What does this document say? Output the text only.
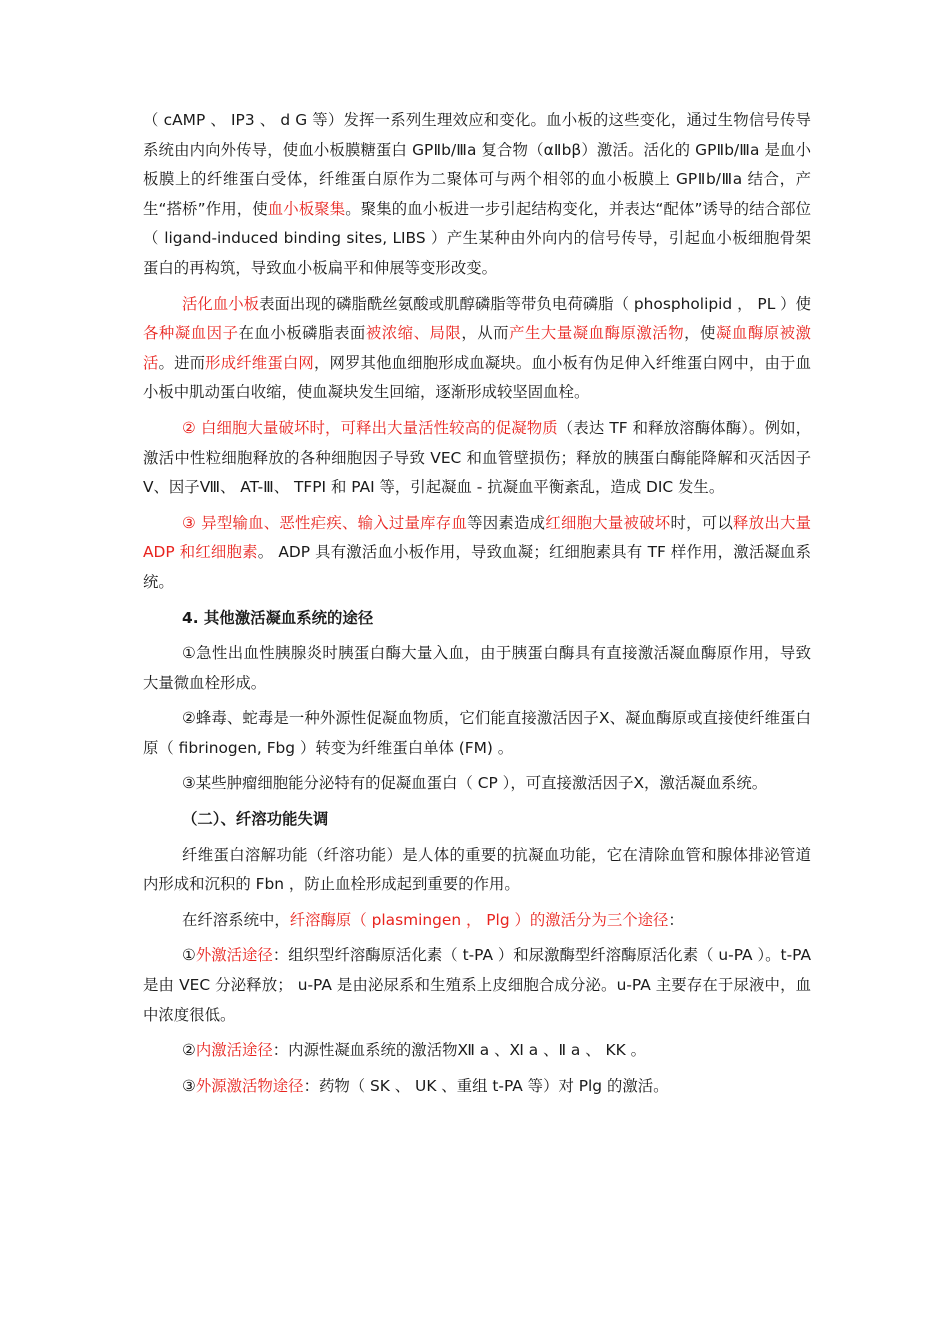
（ cAMP 、 IP3 、 d G 等）发挥一系列生理效应和变化。血小板的这些变化，通过生物信号传导系统由内向外传导，使血小板膜糖蛋白 GPⅡb/Ⅲa 复合物（αⅡbβ）激活。活化的 GPⅡb/Ⅲa 是血小板膜上的纤维蛋白受体，纤维蛋白原作为二聚体可与两个相邻的血小板膜上 GPⅡb/Ⅲa 结合，产生“搭桥”作用，使血小板聚集。聚集的血小板进一步引起结构变化，并表达“配体”诱导的结合部位（ ligand-induced binding sites, LIBS ）产生某种由外向内的信号传导，引起血小板细胞骨架蛋白的再构筑，导致血小板扁平和伸展等变形改变。

活化血小板表面出现的磷脂酰丝氨酸或肌醇磷脂等带负电荷磷脂（ phospholipid ， PL ）使各种凝血因子在血小板磷脂表面被浓缩、局限，从而产生大量凝血酶原激活物，使凝血酶原被激活。进而形成纤维蛋白网，网罗其他血细胞形成血凝块。血小板有伪足伸入纤维蛋白网中，由于血小板中肌动蛋白收缩，使血凝块发生回缩，逐渐形成较坚固血栓。

② 白细胞大量破坏时，可释出大量活性较高的促凝物质（表达 TF 和释放溶酶体酶）。例如，激活中性粒细胞释放的各种细胞因子导致 VEC 和血管壁损伤；释放的胰蛋白酶能降解和灭活因子Ⅴ、因子Ⅷ、 AT-Ⅲ、 TFPI 和 PAI 等，引起凝血 - 抗凝血平衡紊乱，造成 DIC 发生。

③ 异型输血、恶性疟疾、输入过量库存血等因素造成红细胞大量被破坏时，可以释放出大量 ADP 和红细胞素。 ADP 具有激活血小板作用，导致血凝；红细胞素具有 TF 样作用，激活凝血系统。

4. 其他激活凝血系统的途径

①急性出血性胰腺炎时胰蛋白酶大量入血，由于胰蛋白酶具有直接激活凝血酶原作用，导致大量微血栓形成。

②蜂毒、蛇毒是一种外源性促凝血物质，它们能直接激活因子Ⅹ、凝血酶原或直接使纤维蛋白原（ fibrinogen, Fbg ）转变为纤维蛋白单体 (FM) 。

③某些肿瘤细胞能分泌特有的促凝血蛋白（ CP ），可直接激活因子Ⅹ，激活凝血系统。

（二）、纤溶功能失调

纤维蛋白溶解功能（纤溶功能）是人体的重要的抗凝血功能，它在清除血管和腺体排泌管道内形成和沉积的 Fbn ，防止血栓形成起到重要的作用。

在纤溶系统中，纤溶酶原（ plasmingen ， Plg ）的激活分为三个途径：

①外激活途径：组织型纤溶酶原活化素（ t-PA ）和尿激酶型纤溶酶原活化素（ u-PA ）。t-PA 是由 VEC 分泌释放； u-PA 是由泌尿系和生殖系上皮细胞合成分泌。u-PA 主要存在于尿液中，血中浓度很低。

②内激活途径：内源性凝血系统的激活物Ⅻ a 、Ⅺ a 、Ⅱ a 、 KK 。

③外源激活物途径：药物（ SK 、 UK 、重组 t-PA 等）对 Plg 的激活。
